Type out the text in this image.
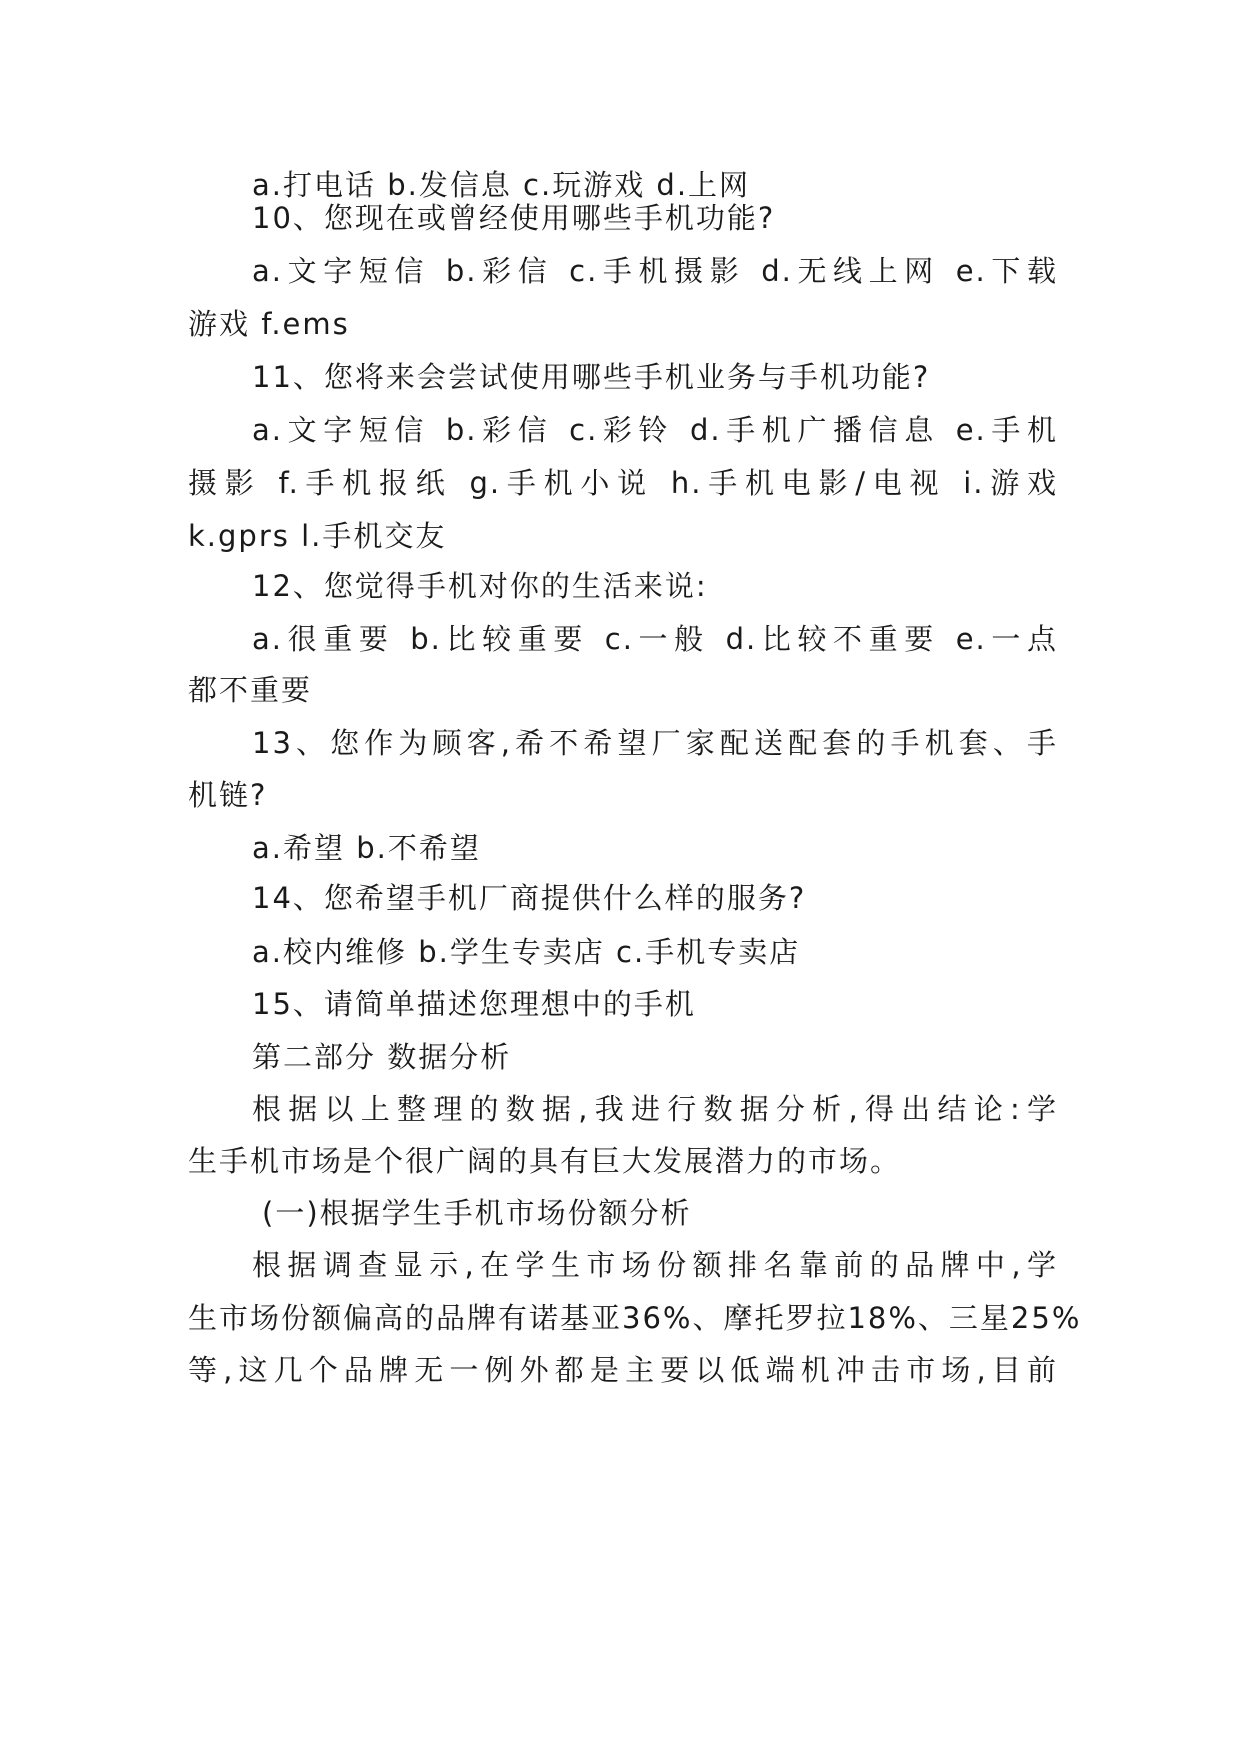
a.打电话 b.发信息 c.玩游戏 d.上网
10、您现在或曾经使用哪些手机功能?
a.文字短信 b.彩信 c.手机摄影 d.无线上网 e.下载
游戏 f.ems
11、您将来会尝试使用哪些手机业务与手机功能?
a.文字短信 b.彩信 c.彩铃 d.手机广播信息 e.手机
摄影 f.手机报纸 g.手机小说 h.手机电影/电视 i.游戏
k.gprs l.手机交友
12、您觉得手机对你的生活来说:
a.很重要 b.比较重要 c.一般 d.比较不重要 e.一点
都不重要
13、您作为顾客,希不希望厂家配送配套的手机套、手
机链?
a.希望 b.不希望
14、您希望手机厂商提供什么样的服务?
a.校内维修 b.学生专卖店 c.手机专卖店
15、请简单描述您理想中的手机
第二部分 数据分析
根据以上整理的数据,我进行数据分析,得出结论:学
生手机市场是个很广阔的具有巨大发展潜力的市场。
(一)根据学生手机市场份额分析
根据调查显示,在学生市场份额排名靠前的品牌中,学
生市场份额偏高的品牌有诺基亚36%、摩托罗拉18%、三星25%
等,这几个品牌无一例外都是主要以低端机冲击市场,目前
